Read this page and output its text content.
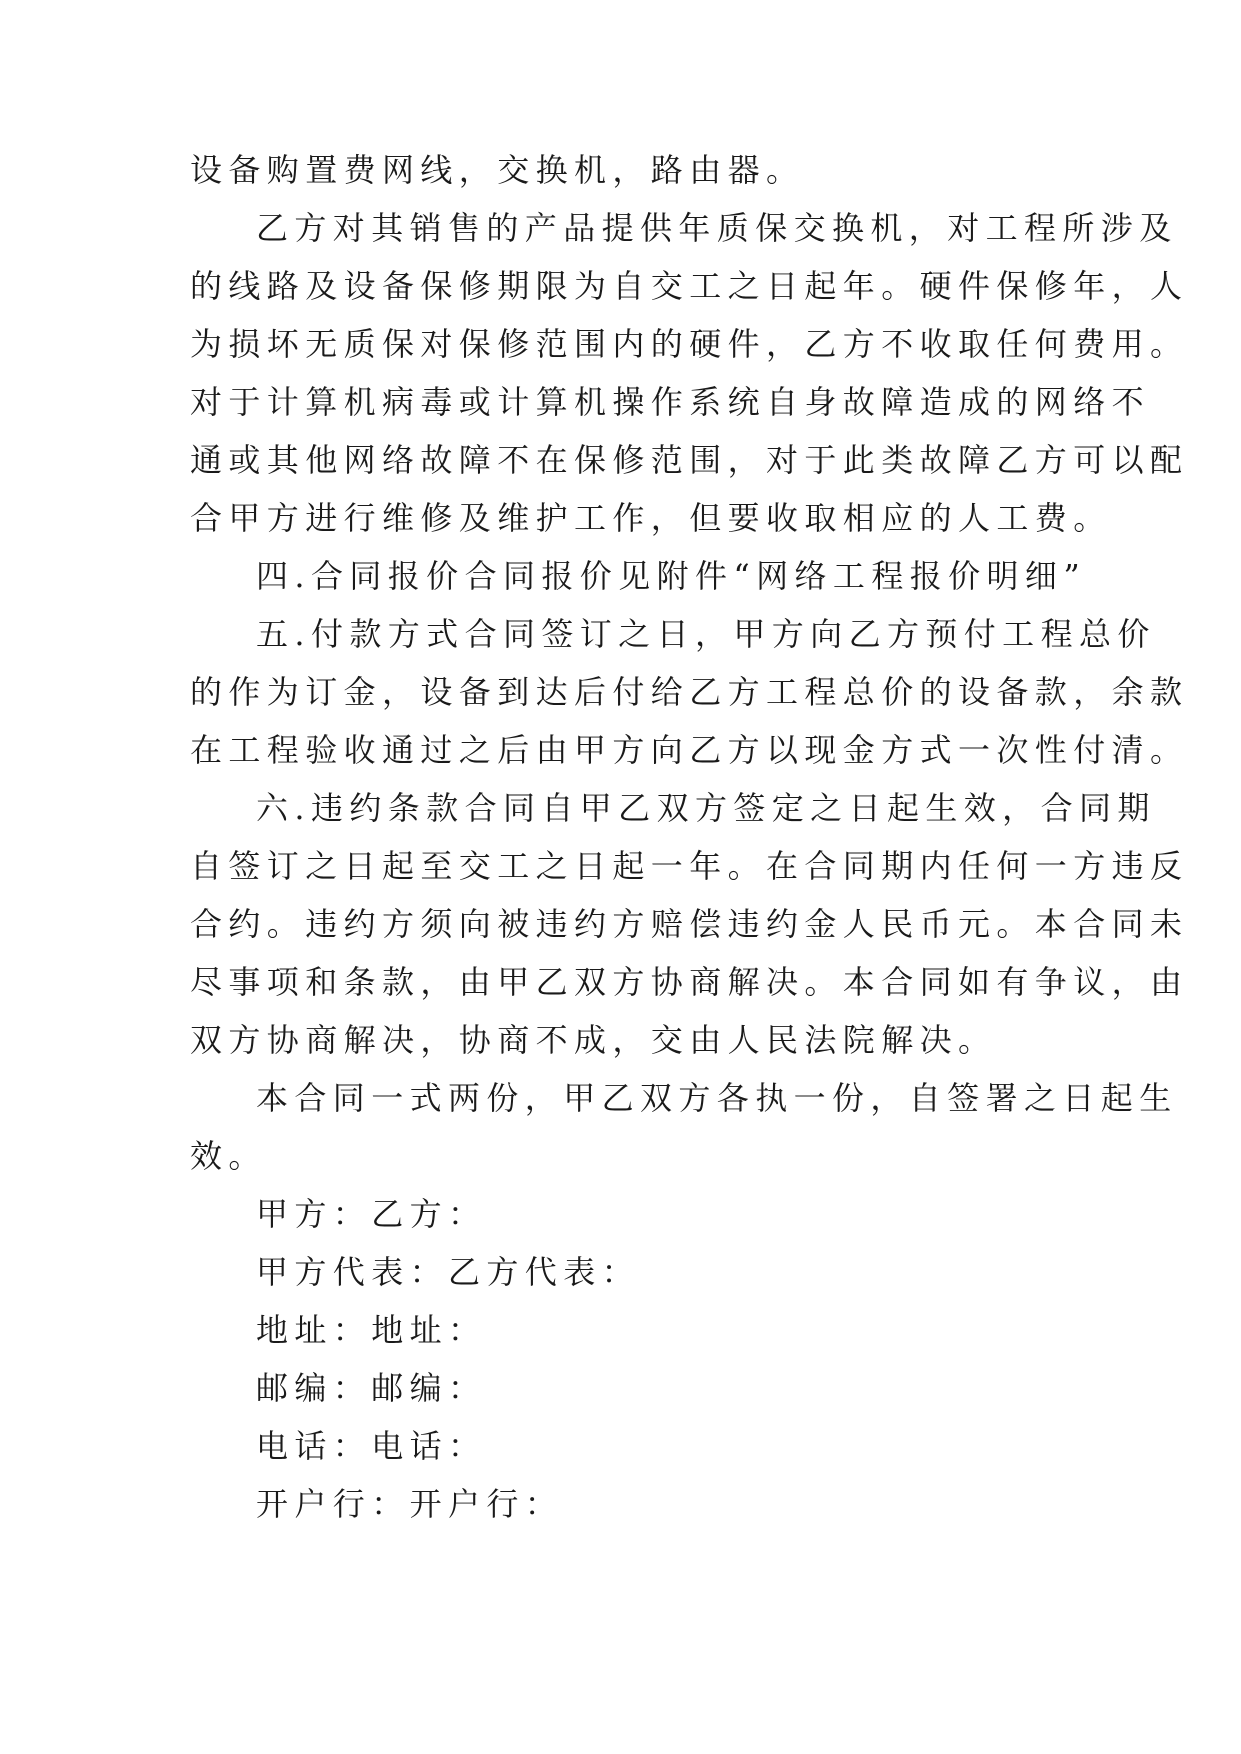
设备购置费网线，交换机，路由器。
乙方对其销售的产品提供年质保交换机，对工程所涉及
的线路及设备保修期限为自交工之日起年。硬件保修年，人
为损坏无质保对保修范围内的硬件，乙方不收取任何费用。
对于计算机病毒或计算机操作系统自身故障造成的网络不
通或其他网络故障不在保修范围，对于此类故障乙方可以配
合甲方进行维修及维护工作，但要收取相应的人工费。
四.合同报价合同报价见附件“网络工程报价明细”
五.付款方式合同签订之日，甲方向乙方预付工程总价
的作为订金，设备到达后付给乙方工程总价的设备款，余款
在工程验收通过之后由甲方向乙方以现金方式一次性付清。
六.违约条款合同自甲乙双方签定之日起生效，合同期
自签订之日起至交工之日起一年。在合同期内任何一方违反
合约。违约方须向被违约方赔偿违约金人民币元。本合同未
尽事项和条款，由甲乙双方协商解决。本合同如有争议，由
双方协商解决，协商不成，交由人民法院解决。
本合同一式两份，甲乙双方各执一份，自签署之日起生
效。
甲方：乙方：
甲方代表：乙方代表：
地址：地址：
邮编：邮编：
电话：电话：
开户行：开户行：
